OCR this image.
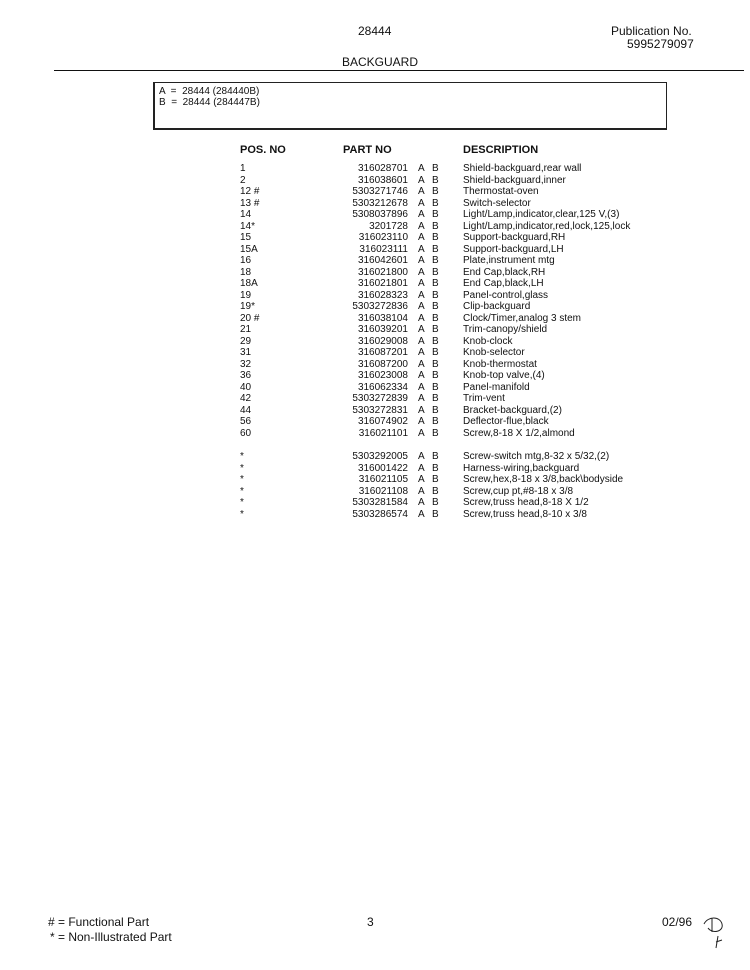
28444	Publication No.
5995279097
BACKGUARD
A  =  28444 (284440B)
B  =  28444 (284447B)
POS. NO	PART NO	DESCRIPTION
1	316028701 A B Shield-backguard,rear wall
2	316038601 A B Shield-backguard,inner
12 #	5303271746 A B Thermostat-oven
13 #	5303212678 A B Switch-selector
14	5308037896 A B Light/Lamp,indicator,clear,125 V,(3)
14*	3201728 A B Light/Lamp,indicator,red,lock,125,lock
15	316023110 A B Support-backguard,RH
15A	316023111 A B Support-backguard,LH
16	316042601 A B Plate,instrument mtg
18	316021800 A B End Cap,black,RH
18A	316021801 A B End Cap,black,LH
19	316028323 A B Panel-control,glass
19*	5303272836 A B Clip-backguard
20 #	316038104 A B Clock/Timer,analog 3 stem
21	316039201 A B Trim-canopy/shield
29	316029008 A B Knob-clock
31	316087201 A B Knob-selector
32	316087200 A B Knob-thermostat
36	316023008 A B Knob-top valve,(4)
40	316062334 A B Panel-manifold
42	5303272839 A B Trim-vent
44	5303272831 A B Bracket-backguard,(2)
56	316074902 A B Deflector-flue,black
60	316021101 A B Screw,8-18 X 1/2,almond
*	5303292005 A B Screw-switch mtg,8-32 x 5/32,(2)
*	316001422 A B Harness-wiring,backguard
*	316021105 A B Screw,hex,8-18 x 3/8,back\bodyside
*	316021108 A B Screw,cup pt,#8-18 x 3/8
*	5303281584 A B Screw,truss head,8-18 X 1/2
*	5303286574 A B Screw,truss head,8-10 x 3/8
# = Functional Part
* = Non-Illustrated Part
3	02/96
